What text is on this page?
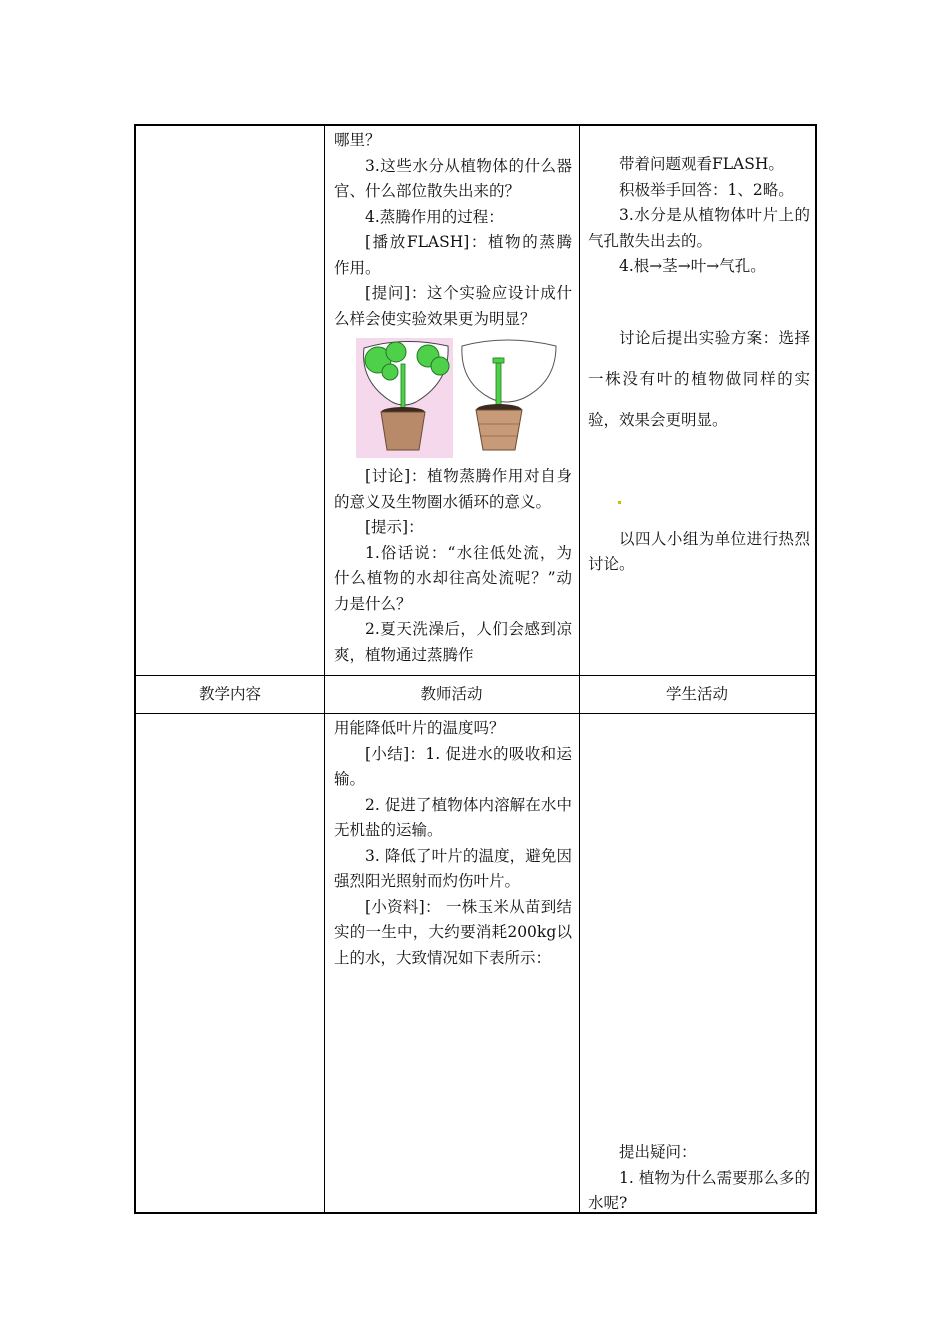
哪里？

3.这些水分从植物体的什么器官、什么部位散失出来的？

4.蒸腾作用的过程：

[播放FLASH]：植物的蒸腾作用。

[提问]：这个实验应设计成什么样会使实验效果更为明显？

[讨论]：植物蒸腾作用对自身的意义及生物圈水循环的意义。

[提示]：

1.俗话说：“水往低处流，为什么植物的水却往高处流呢？”动力是什么？

2.夏天洗澡后，人们会感到凉爽，植物通过蒸腾作

带着问题观看FLASH。

积极举手回答：1、2略。

3.水分是从植物体叶片上的气孔散失出去的。

4.根→茎→叶→气孔。

讨论后提出实验方案：选择一株没有叶的植物做同样的实验，效果会更明显。

以四人小组为单位进行热烈讨论。

教学内容	教师活动	学生活动

用能降低叶片的温度吗？

[小结]：1. 促进水的吸收和运输。

2. 促进了植物体内溶解在水中无机盐的运输。

3. 降低了叶片的温度，避免因强烈阳光照射而灼伤叶片。

[小资料]： 一株玉米从苗到结实的一生中，大约要消耗200kg以上的水，大致情况如下表所示：

提出疑问：

1. 植物为什么需要那么多的水呢?
